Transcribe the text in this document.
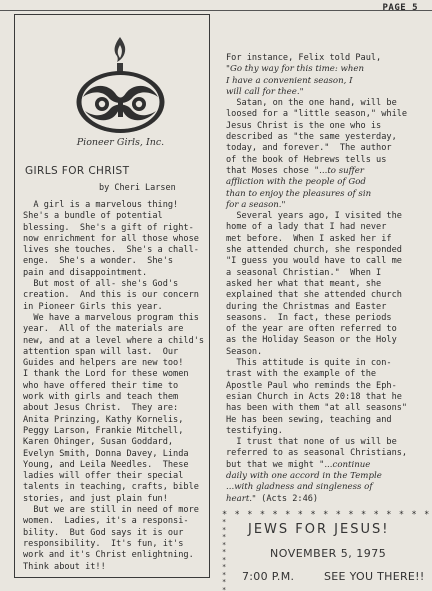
PAGE 5
Pioneer Girls, Inc.
GIRLS FOR CHRIST
by Cheri Larsen

A girl is a marvelous thing!
She's a bundle of potential
blessing.  She's a gift of right-
now enrichment for all those whose
lives she touches.  She's a chall-
enge.  She's a wonder.  She's
pain and disappointment.

But most of all- she's God's
creation.  And this is our concern
in Pioneer Girls this year.

We have a marvelous program this
year.  All of the materials are
new, and at a level where a child's
attention span will last.  Our
Guides and helpers are new too!
I thank the Lord for these women
who have offered their time to
work with girls and teach them
about Jesus Christ.  They are:
Anita Prinzing, Kathy Kornelis,
Peggy Larson, Frankie Mitchell,
Karen Ohinger, Susan Goddard,
Evelyn Smith, Donna Davey, Linda
Young, and Leila Needles.  These
ladies will offer their special
talents in teaching, crafts, bible
stories, and just plain fun!

But we are still in need of more
women.  Ladies, it's a responsi-
bility.  But God says it is our
responsibility.  It's fun, it's
work and it's Christ enlightning.
Think about it!!

For instance, Felix told Paul,

"Go thy way for this time: when
I have a convenient season, I
will call for thee."

Satan, on the one hand, will be
loosed for a "little season," while
Jesus Christ is the one who is
described as "the same yesterday,
today, and forever."  The author
of the book of Hebrews tells us
that Moses chose "...to suffer

affliction with the people of God
than to enjoy the pleasures of sin
for a season."

Several years ago, I visited the
home of a lady that I had never
met before.  When I asked her if
she attended church, she responded
"I guess you would have to call me
a seasonal Christian."  When I
asked her what that meant, she
explained that she attended church
during the Christmas and Easter
seasons.  In fact, these periods
of the year are often referred to
as the Holiday Season or the Holy
Season.

This attitude is quite in con-
trast with the example of the
Apostle Paul who reminds the Eph-
esian Church in Acts 20:18 that he
has been with them "at all seasons"
He has been sewing, teaching and
testifying.

I trust that none of us will be
referred to as seasonal Christians,
but that we might "...continue

daily with one accord in the Temple
...with gladness and singleness of
heart." (Acts 2:46)

* * * * * * * * * * * * * * * * *
*
*
*
*
*
*
*
*
*
*
JEWS FOR JESUS!
NOVEMBER 5, 1975
7:00 P.M.	SEE YOU THERE!!
